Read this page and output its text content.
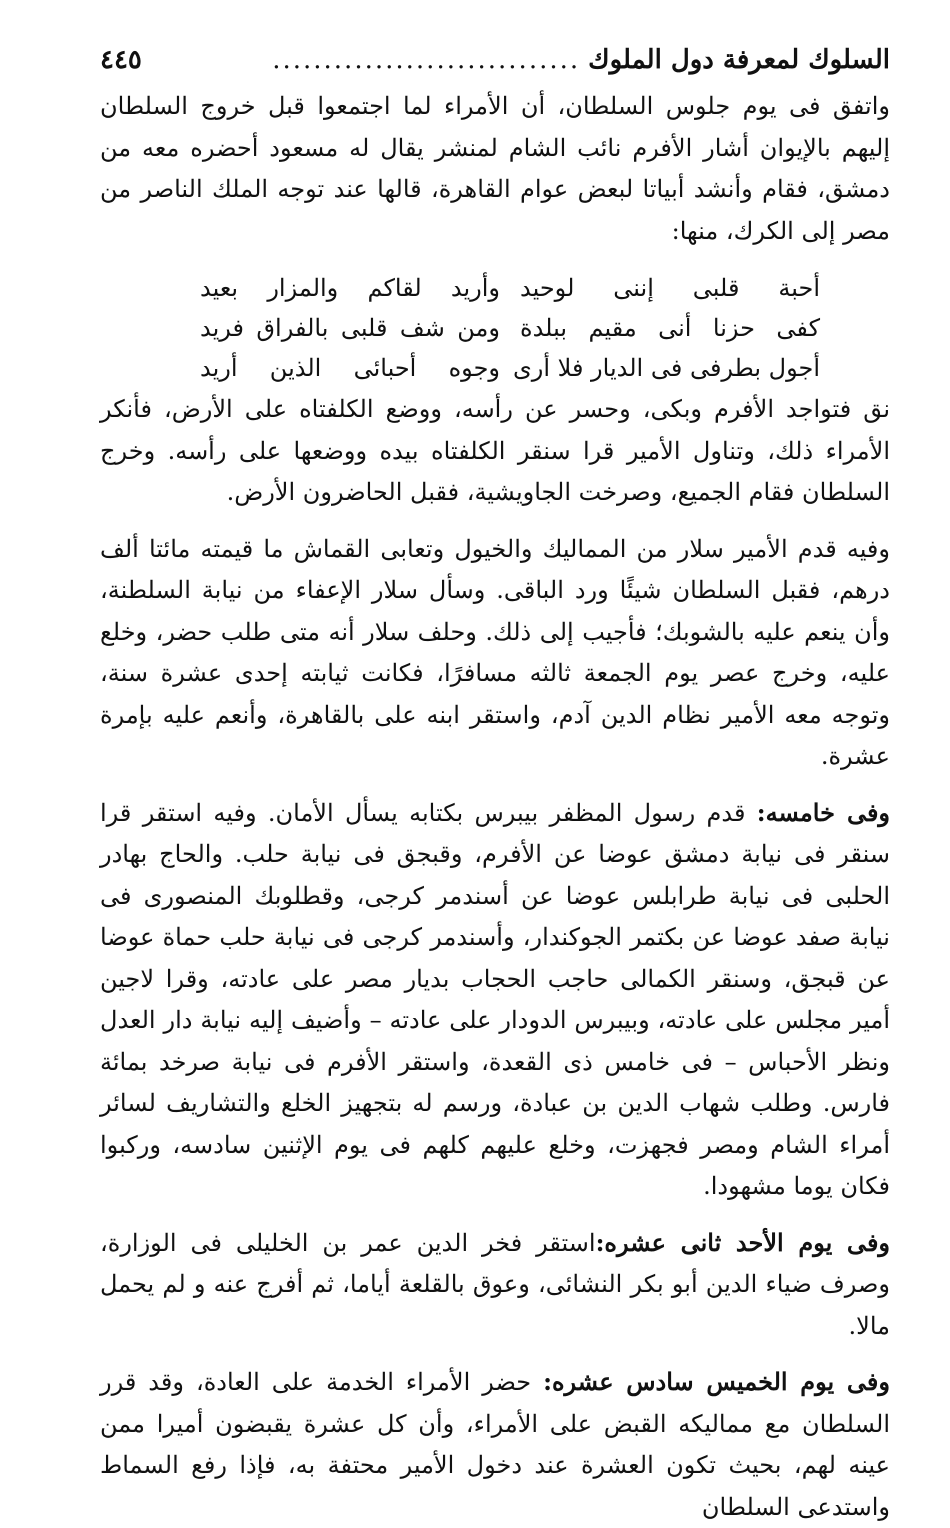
السلوك لمعرفة دول الملوك
..............................
٤٤٥

واتفق فى يوم جلوس السلطان، أن الأمراء لما اجتمعوا قبل خروج السلطان إليهم بالإيوان أشار الأفرم نائب الشام لمنشر يقال له مسعود أحضره معه من دمشق، فقام وأنشد أبياتا لبعض عوام القاهرة، قالها عند توجه الملك الناصر من مصر إلى الكرك، منها:

أحبة قلبى إننى لوحيد
وأريد لقاكم والمزار بعيد
كفى حزنا أنى مقيم ببلدة
ومن شف قلبى بالفراق فريد
أجول بطرفى فى الديار فلا أرى
وجوه أحبائى الذين أريد

نق فتواجد الأفرم وبكى، وحسر عن رأسه، ووضع الكلفتاه على الأرض، فأنكر الأمراء ذلك، وتناول الأمير قرا سنقر الكلفتاه بيده ووضعها على رأسه. وخرج السلطان فقام الجميع، وصرخت الجاويشية، فقبل الحاضرون الأرض.

وفيه قدم الأمير سلار من المماليك والخيول وتعابى القماش ما قيمته مائتا ألف درهم، فقبل السلطان شيئًا ورد الباقى. وسأل سلار الإعفاء من نيابة السلطنة، وأن ينعم عليه بالشوبك؛ فأجيب إلى ذلك. وحلف سلار أنه متى طلب حضر، وخلع عليه، وخرج عصر يوم الجمعة ثالثه مسافرًا، فكانت ثيابته إحدى عشرة سنة، وتوجه معه الأمير نظام الدين آدم، واستقر ابنه على بالقاهرة، وأنعم عليه بإمرة عشرة.

وفى خامسه: قدم رسول المظفر بيبرس بكتابه يسأل الأمان. وفيه استقر قرا سنقر فى نيابة دمشق عوضا عن الأفرم، وقبجق فى نيابة حلب. والحاج بهادر الحلبى فى نيابة طرابلس عوضا عن أسندمر كرجى، وقطلوبك المنصورى فى نيابة صفد عوضا عن بكتمر الجوكندار، وأسندمر كرجى فى نيابة حلب حماة عوضا عن قبجق، وسنقر الكمالى حاجب الحجاب بديار مصر على عادته، وقرا لاجين أمير مجلس على عادته، وبيبرس الدودار على عادته – وأضيف إليه نيابة دار العدل ونظر الأحباس – فى خامس ذى القعدة، واستقر الأفرم فى نيابة صرخد بمائة فارس. وطلب شهاب الدين بن عبادة، ورسم له بتجهيز الخلع والتشاريف لسائر أمراء الشام ومصر فجهزت، وخلع عليهم كلهم فى يوم الإثنين سادسه، وركبوا فكان يوما مشهودا.

وفى يوم الأحد ثانى عشره:استقر فخر الدين عمر بن الخليلى فى الوزارة، وصرف ضياء الدين أبو بكر النشائى، وعوق بالقلعة أياما، ثم أفرج عنه و لم يحمل مالا.

وفى يوم الخميس سادس عشره: حضر الأمراء الخدمة على العادة، وقد قرر السلطان مع مماليكه القبض على الأمراء، وأن كل عشرة يقبضون أميرا ممن عينه لهم، بحيث تكون العشرة عند دخول الأمير محتفة به، فإذا رفع السماط واستدعى السلطان
